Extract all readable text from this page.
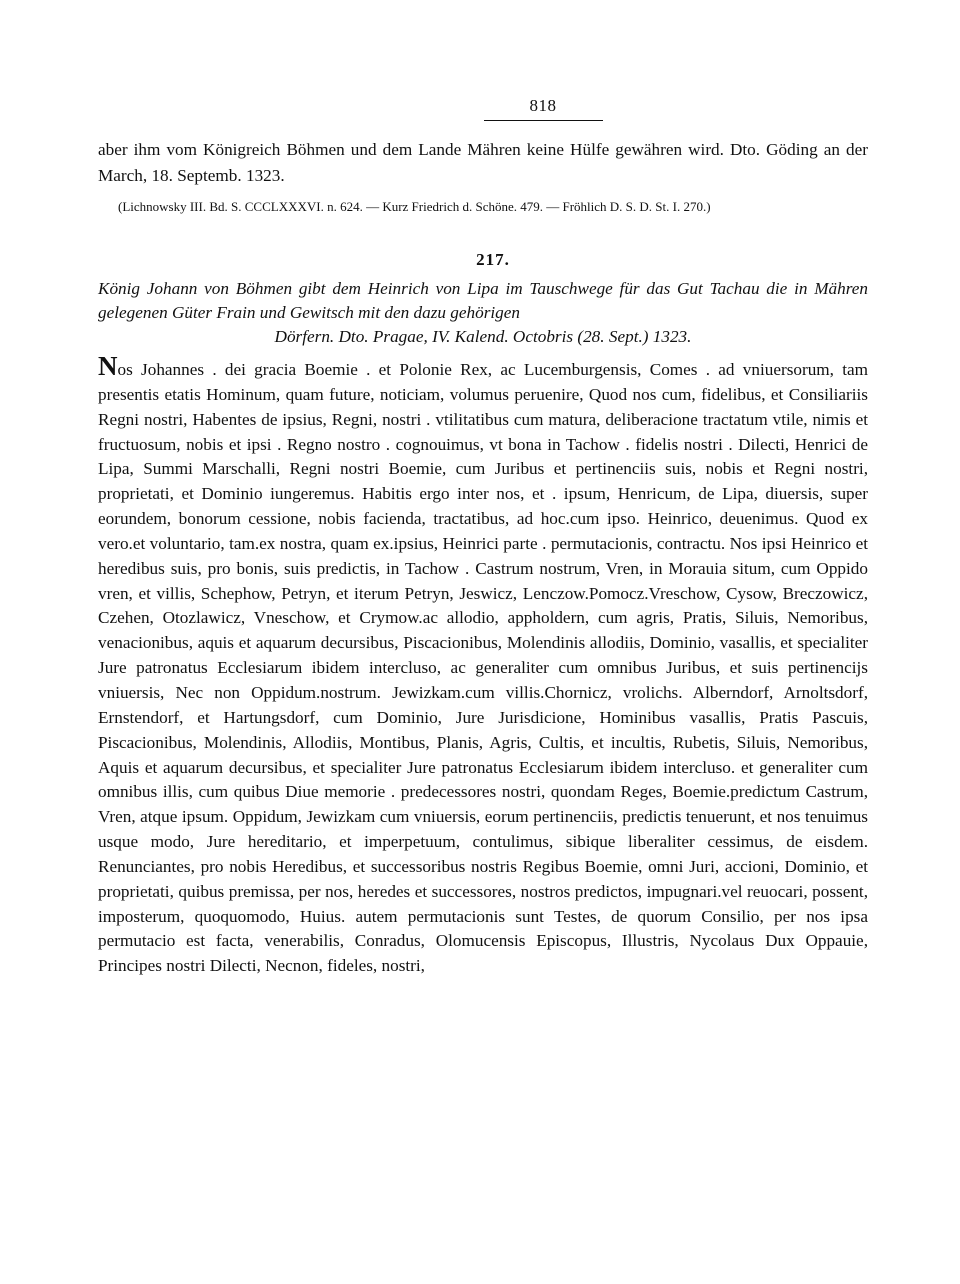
818
aber ihm vom Königreich Böhmen und dem Lande Mähren keine Hülfe gewähren wird. Dto. Göding an der March, 18. Septemb. 1323.
(Lichnowsky III. Bd. S. CCCLXXXVI. n. 624. — Kurz Friedrich d. Schöne. 479. — Fröhlich D. S. D. St. I. 270.)
217.
König Johann von Böhmen gibt dem Heinrich von Lipa im Tauschwege für das Gut Tachau die in Mähren gelegenen Güter Frain und Gewitsch mit den dazu gehörigen
Dörfern. Dto. Pragae, IV. Kalend. Octobris (28. Sept.) 1323.

Nos Johannes . dei gracia Boemie . et Polonie Rex, ac Lucemburgensis, Comes . ad vniuersorum, tam presentis etatis Hominum, quam future, noticiam, volumus peruenire, Quod nos cum, fidelibus, et Consiliariis Regni nostri, Habentes de ipsius, Regni, nostri . vtilitatibus cum matura, deliberacione tractatum vtile, nimis et fructuosum, nobis et ipsi . Regno nostro . cognouimus, vt bona in Tachow . fidelis nostri . Dilecti, Henrici de Lipa, Summi Marschalli, Regni nostri Boemie, cum Juribus et pertinenciis suis, nobis et Regni nostri, proprietati, et Dominio iungeremus. Habitis ergo inter nos, et . ipsum, Henricum, de Lipa, diuersis, super eorundem, bonorum cessione, nobis facienda, tractatibus, ad hoc.cum ipso. Heinrico, deuenimus. Quod ex vero.et voluntario, tam.ex nostra, quam ex.ipsius, Heinrici parte . permutacionis, contractu. Nos ipsi Heinrico et heredibus suis, pro bonis, suis predictis, in Tachow . Castrum nostrum, Vren, in Morauia situm, cum Oppido vren, et villis, Schephow, Petryn, et iterum Petryn, Jeswicz, Lenczow.Pomocz.Vreschow, Cysow, Breczowicz, Czehen, Otozlawicz, Vneschow, et Crymow.ac allodio, appholdern, cum agris, Pratis, Siluis, Nemoribus, venacionibus, aquis et aquarum decursibus, Piscacionibus, Molendinis allodiis, Dominio, vasallis, et specialiter Jure patronatus Ecclesiarum ibidem intercluso, ac generaliter cum omnibus Juribus, et suis pertinencijs vniuersis, Nec non Oppidum.nostrum. Jewizkam.cum villis.Chornicz, vrolichs. Alberndorf, Arnoltsdorf, Ernstendorf, et Hartungsdorf, cum Dominio, Jure Jurisdicione, Hominibus vasallis, Pratis Pascuis, Piscacionibus, Molendinis, Allodiis, Montibus, Planis, Agris, Cultis, et incultis, Rubetis, Siluis, Nemoribus, Aquis et aquarum decursibus, et specialiter Jure patronatus Ecclesiarum ibidem intercluso. et generaliter cum omnibus illis, cum quibus Diue memorie . predecessores nostri, quondam Reges, Boemie.predictum Castrum, Vren, atque ipsum. Oppidum, Jewizkam cum vniuersis, eorum pertinenciis, predictis tenuerunt, et nos tenuimus usque modo, Jure hereditario, et imperpetuum, contulimus, sibique liberaliter cessimus, de eisdem. Renunciantes, pro nobis Heredibus, et successoribus nostris Regibus Boemie, omni Juri, accioni, Dominio, et proprietati, quibus premissa, per nos, heredes et successores, nostros predictos, impugnari.vel reuocari, possent, imposterum, quoquomodo, Huius. autem permutacionis sunt Testes, de quorum Consilio, per nos ipsa permutacio est facta, venerabilis, Conradus, Olomucensis Episcopus, Illustris, Nycolaus Dux Oppauie, Principes nostri Dilecti, Necnon, fideles, nostri,
